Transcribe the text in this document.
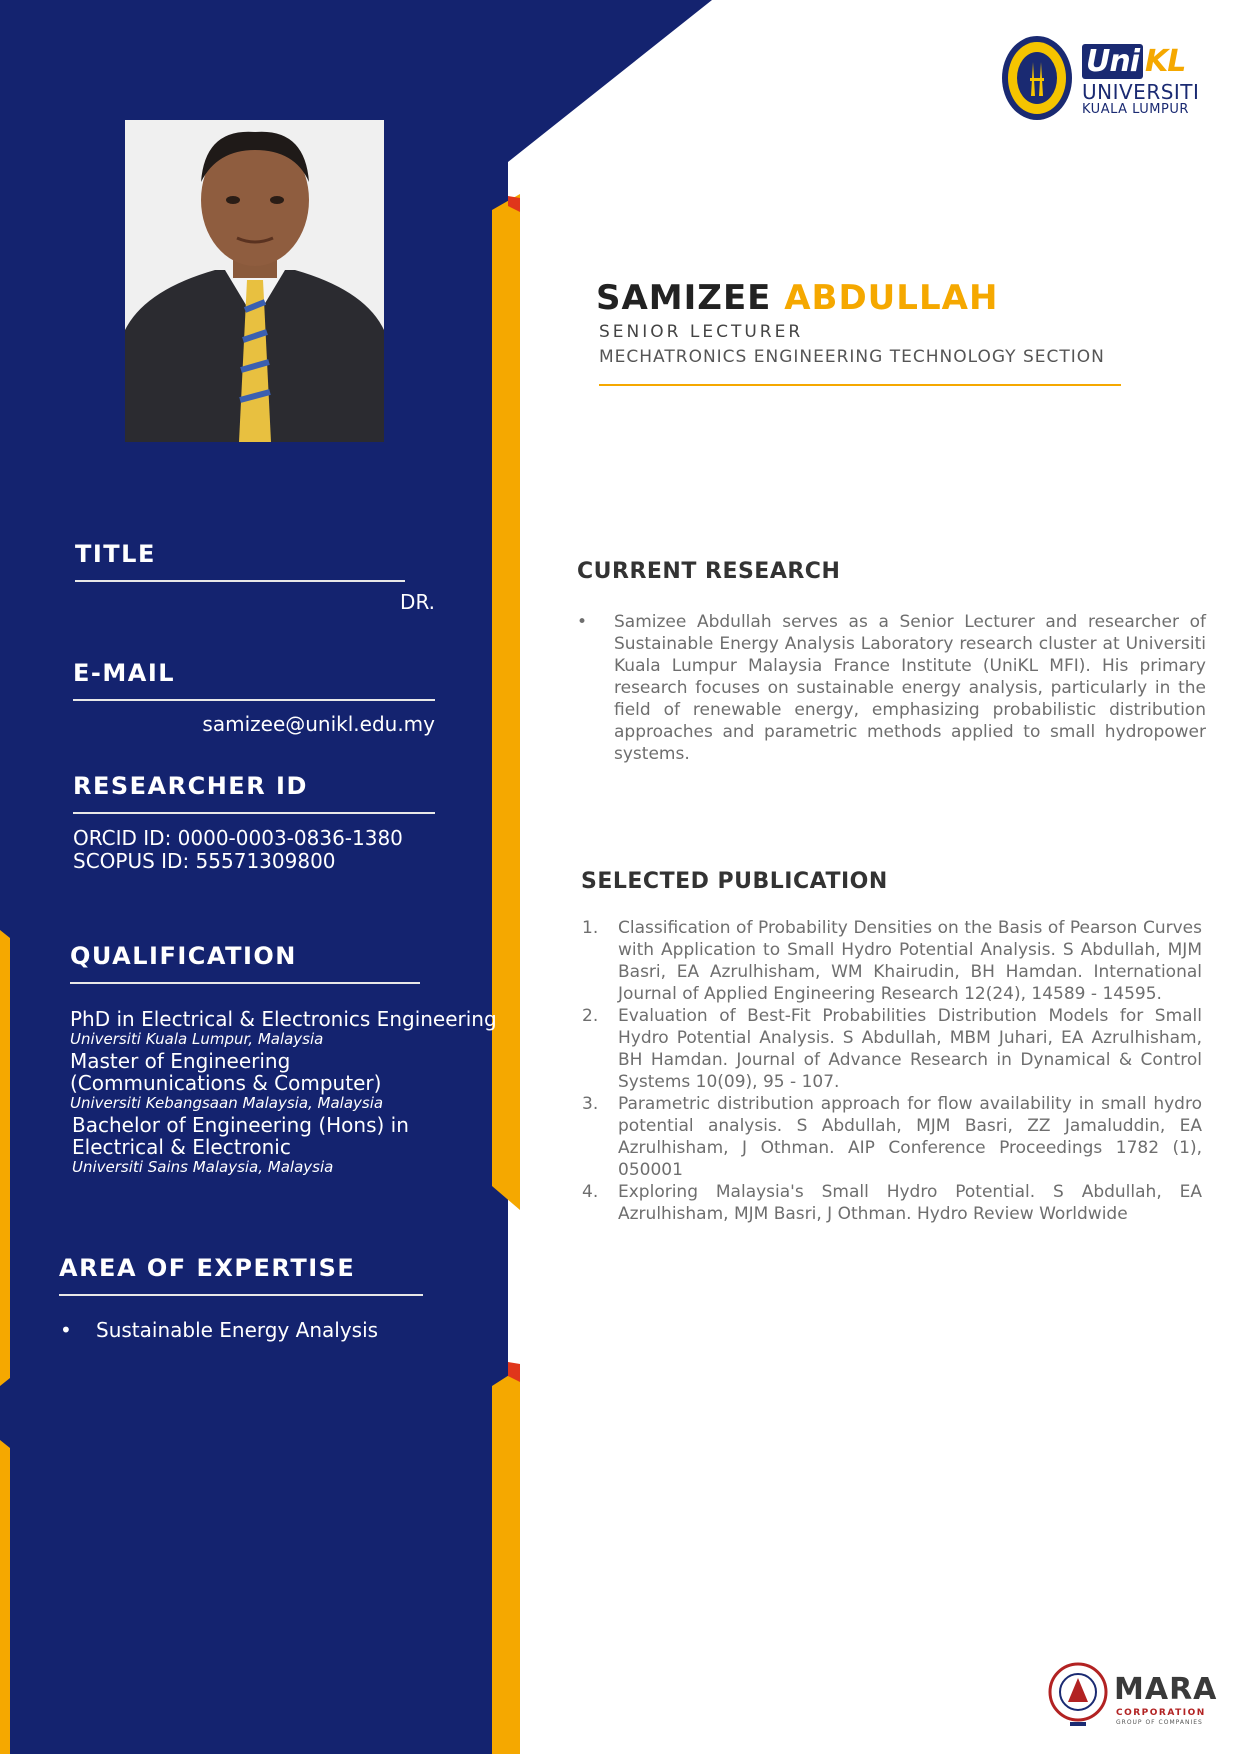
Uni KL
UNIVERSITI
KUALA LUMPUR
SAMIZEE ABDULLAH
SENIOR LECTURER
MECHATRONICS ENGINEERING TECHNOLOGY SECTION
TITLE
DR.
E-MAIL
samizee@unikl.edu.my
RESEARCHER ID
ORCID ID: 0000-0003-0836-1380
SCOPUS ID: 55571309800
QUALIFICATION
PhD in Electrical & Electronics Engineering
Universiti Kuala Lumpur, Malaysia
Master of Engineering
(Communications & Computer)
Universiti Kebangsaan Malaysia, Malaysia
Bachelor of Engineering (Hons) in
Electrical & Electronic
Universiti Sains Malaysia, Malaysia
AREA OF EXPERTISE
• Sustainable Energy Analysis
CURRENT RESEARCH
• Samizee Abdullah serves as a Senior Lecturer and researcher of Sustainable Energy Analysis Laboratory research cluster at Universiti Kuala Lumpur Malaysia France Institute (UniKL MFI). His primary research focuses on sustainable energy analysis, particularly in the field of renewable energy, emphasizing probabilistic distribution approaches and parametric methods applied to small hydropower systems.
SELECTED PUBLICATION
1. Classification of Probability Densities on the Basis of Pearson Curves with Application to Small Hydro Potential Analysis. S Abdullah, MJM Basri, EA Azrulhisham, WM Khairudin, BH Hamdan. International Journal of Applied Engineering Research 12(24), 14589 - 14595.
2. Evaluation of Best-Fit Probabilities Distribution Models for Small Hydro Potential Analysis. S Abdullah, MBM Juhari, EA Azrulhisham, BH Hamdan. Journal of Advance Research in Dynamical & Control Systems 10(09), 95 - 107.
3. Parametric distribution approach for flow availability in small hydro potential analysis. S Abdullah, MJM Basri, ZZ Jamaluddin, EA Azrulhisham, J Othman. AIP Conference Proceedings 1782 (1), 050001
4. Exploring Malaysia's Small Hydro Potential. S Abdullah, EA Azrulhisham, MJM Basri, J Othman. Hydro Review Worldwide
MARA
CORPORATION
GROUP OF COMPANIES
